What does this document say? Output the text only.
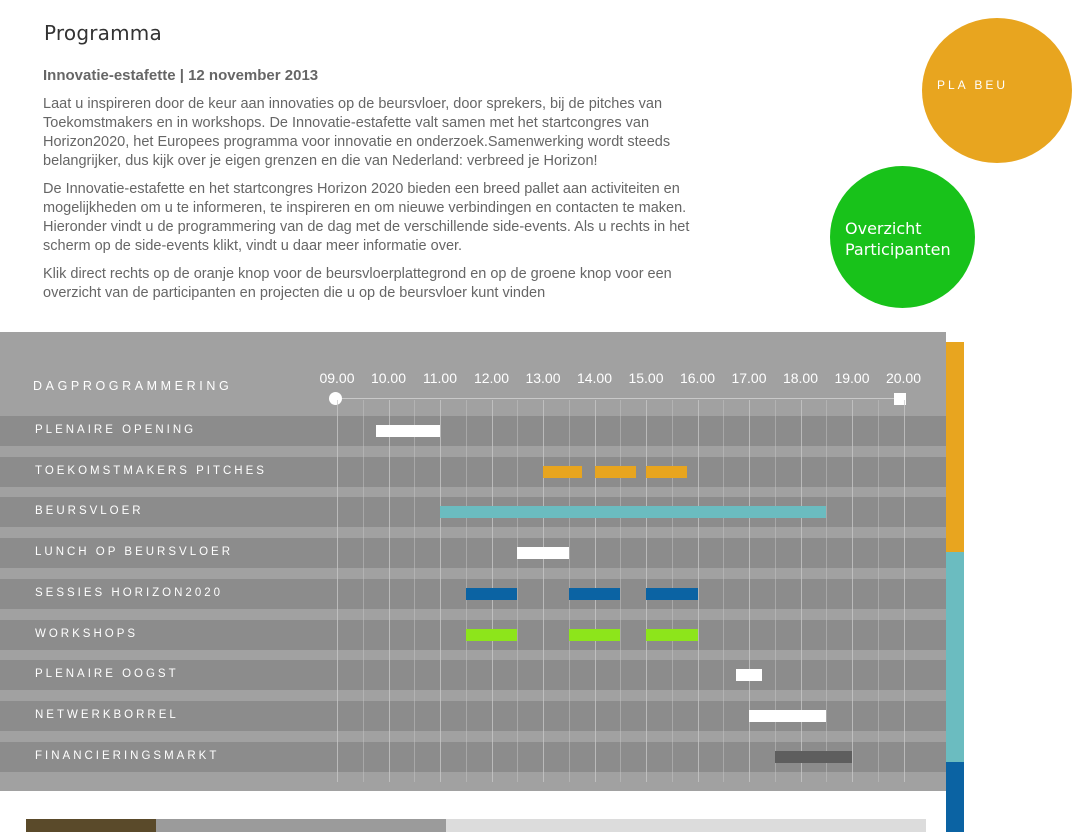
Programma
Innovatie-estafette | 12 november 2013

Laat u inspireren door de keur aan innovaties op de beursvloer, door sprekers, bij de pitches van Toekomstmakers en in workshops. De Innovatie-estafette valt samen met het startcongres van Horizon2020, het Europees programma voor innovatie en onderzoek.Samenwerking wordt steeds belangrijker, dus kijk over je eigen grenzen en die van Nederland: verbreed je Horizon!

De Innovatie-estafette en het startcongres Horizon 2020 bieden een breed pallet aan activiteiten en mogelijkheden om u te informeren, te inspireren en om nieuwe verbindingen en contacten te maken. Hieronder vindt u de programmering van de dag met de verschillende side-events. Als u rechts in het scherm op de side-events klikt, vindt u daar meer informatie over.

Klik direct rechts op de oranje knop voor de beursvloerplattegrond en op de groene knop voor een overzicht van de participanten en projecten die u op de beursvloer kunt vinden

PLA BEU
Overzicht Participanten
DAGPROGRAMMERING
PLENAIRE OPENING
TOEKOMSTMAKERS PITCHES
BEURSVLOER
LUNCH OP BEURSVLOER
SESSIES HORIZON2020
WORKSHOPS
PLENAIRE OOGST
NETWERKBORREL
FINANCIERINGSMARKT
09.00	10.00	11.00	12.00	13.00	14.00	15.00	16.00	17.00	18.00	19.00	20.00
